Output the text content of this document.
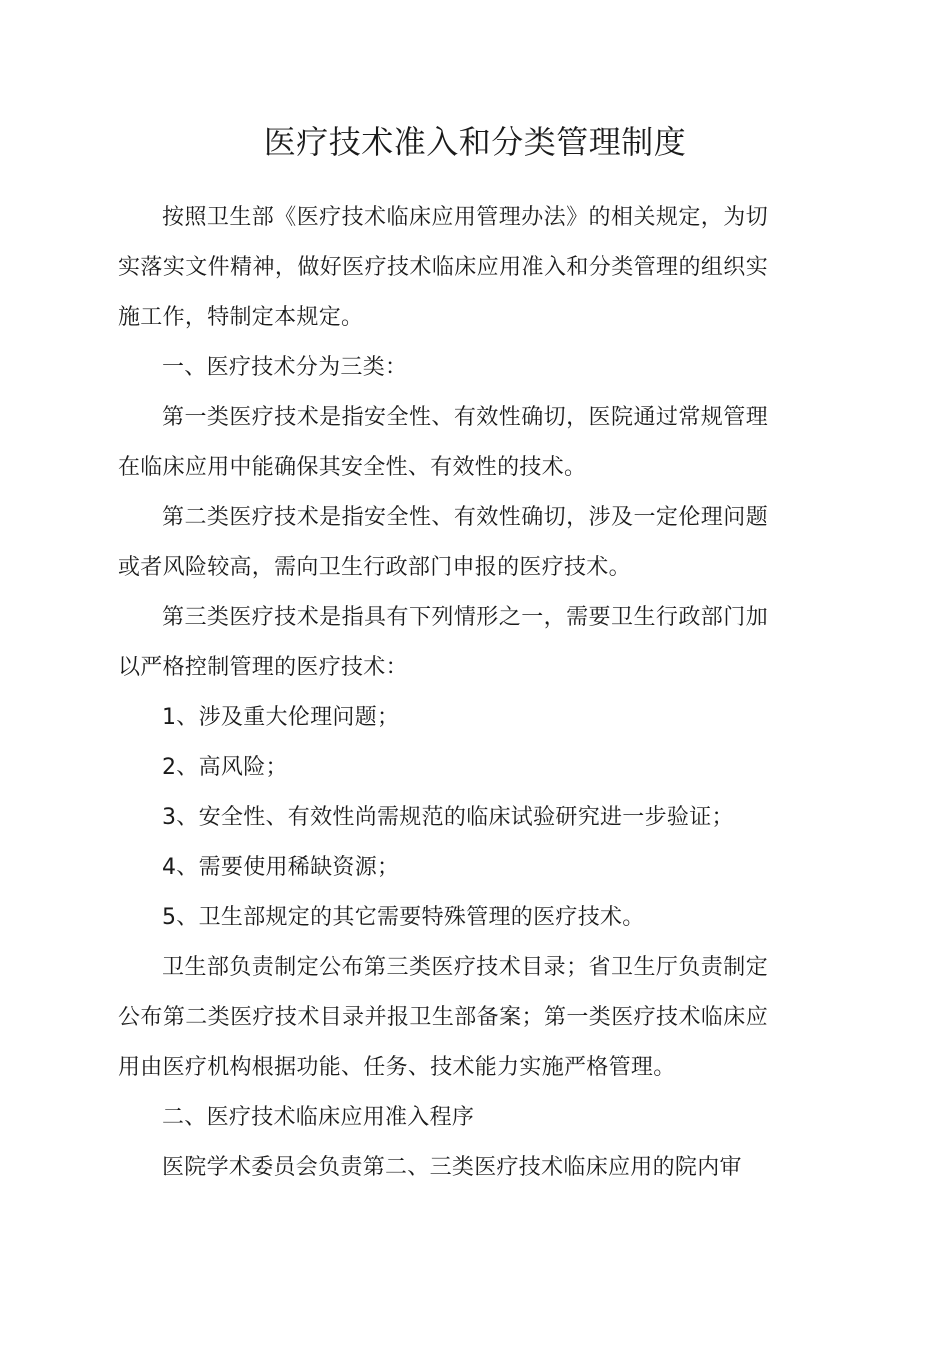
医疗技术准入和分类管理制度

按照卫生部《医疗技术临床应用管理办法》的相关规定，为切实落实文件精神，做好医疗技术临床应用准入和分类管理的组织实施工作，特制定本规定。

一、医疗技术分为三类：

第一类医疗技术是指安全性、有效性确切，医院通过常规管理在临床应用中能确保其安全性、有效性的技术。

第二类医疗技术是指安全性、有效性确切，涉及一定伦理问题或者风险较高，需向卫生行政部门申报的医疗技术。

第三类医疗技术是指具有下列情形之一，需要卫生行政部门加以严格控制管理的医疗技术：

1、涉及重大伦理问题；

2、高风险；

3、安全性、有效性尚需规范的临床试验研究进一步验证；

4、需要使用稀缺资源；

5、卫生部规定的其它需要特殊管理的医疗技术。

卫生部负责制定公布第三类医疗技术目录；省卫生厅负责制定公布第二类医疗技术目录并报卫生部备案；第一类医疗技术临床应用由医疗机构根据功能、任务、技术能力实施严格管理。

二、医疗技术临床应用准入程序

医院学术委员会负责第二、三类医疗技术临床应用的院内审
